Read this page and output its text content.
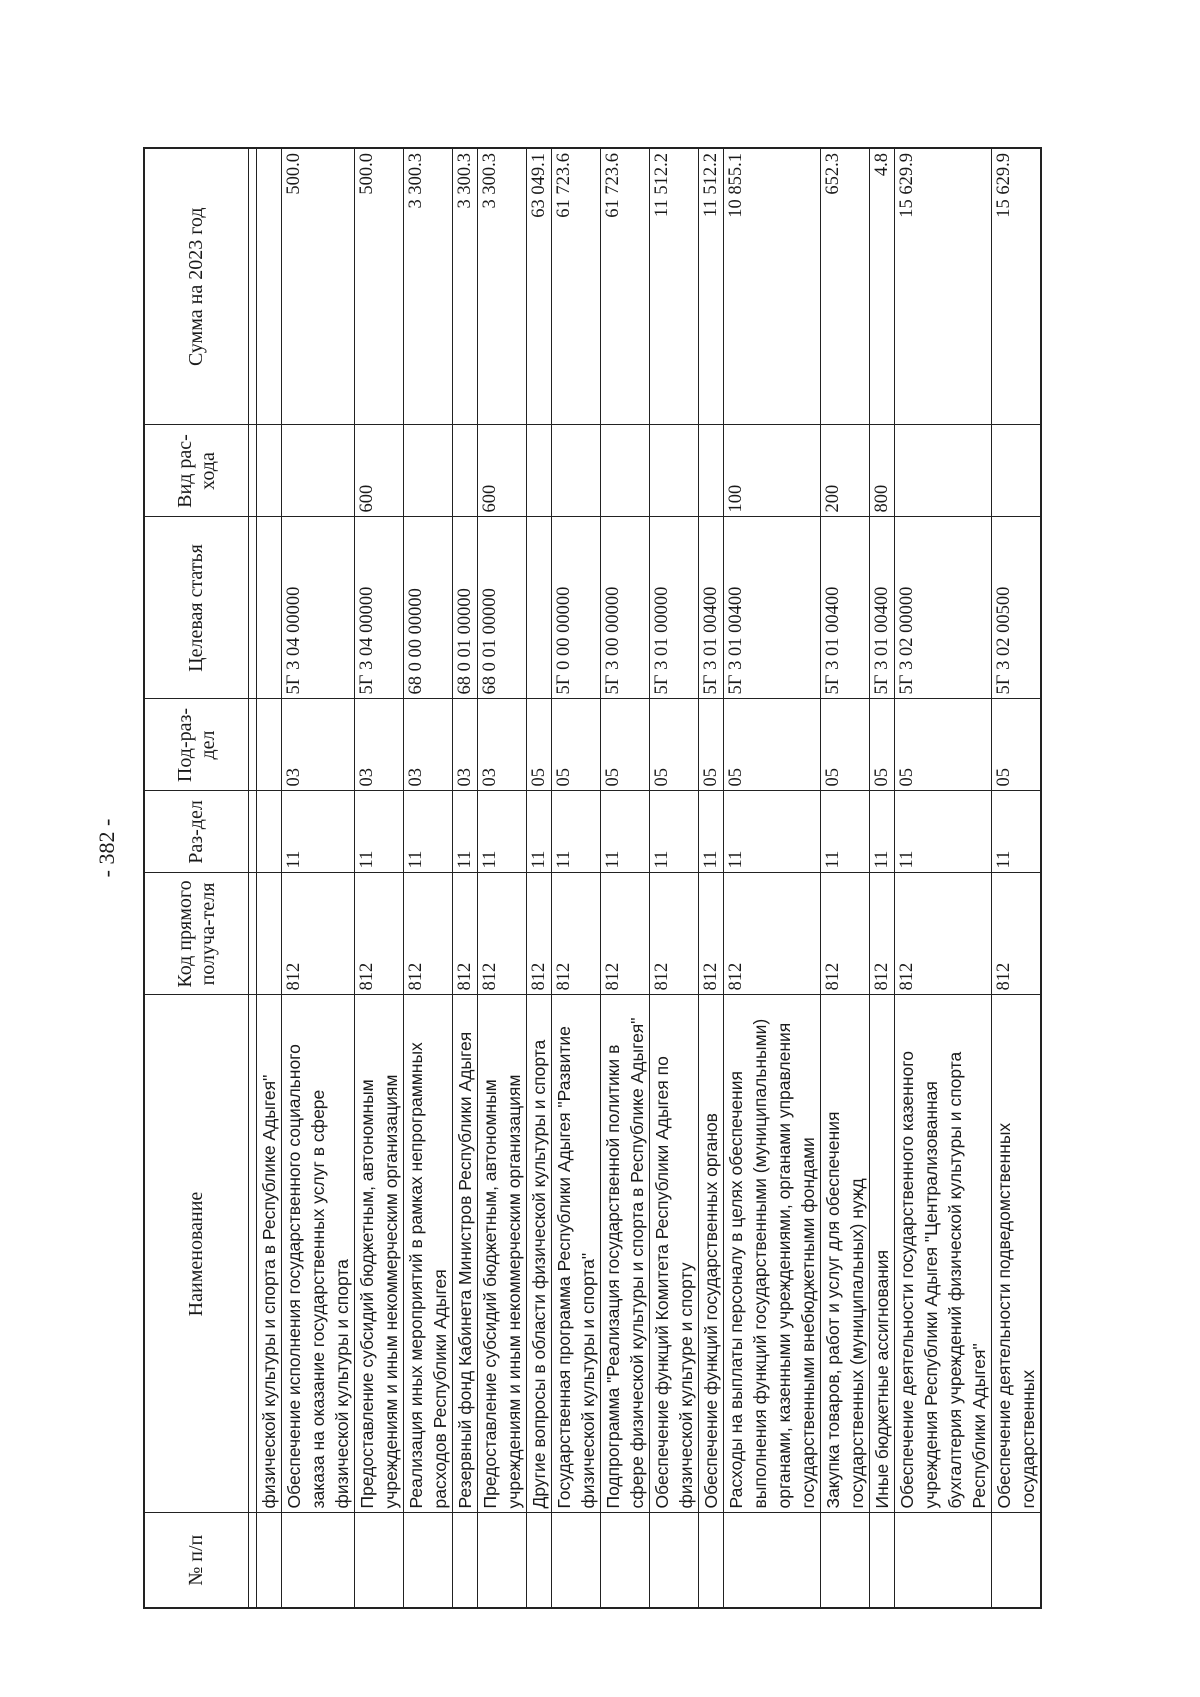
- 382 -
№ п/п	Наименование	Код прямого получа-теля	Раз-дел	Под-раз-дел	Целевая статья	Вид рас-хода	Сумма на 2023 год

	физической культуры и спорта в Республике Адыгея"						
	Обеспечение исполнения государственного социального заказа на оказание государственных услуг в сфере физической культуры и спорта	812	11	03	5Г 3 04 00000		500.0
	Предоставление субсидий бюджетным, автономным учреждениям и иным некоммерческим организациям	812	11	03	5Г 3 04 00000	600	500.0
	Реализация иных мероприятий в рамках непрограммных расходов Республики Адыгея	812	11	03	68 0 00 00000		3 300.3
	Резервный фонд Кабинета Министров Республики Адыгея	812	11	03	68 0 01 00000		3 300.3
	Предоставление субсидий бюджетным, автономным учреждениям и иным некоммерческим организациям	812	11	03	68 0 01 00000	600	3 300.3
	Другие вопросы в области физической культуры и спорта	812	11	05			63 049.1
	Государственная программа Республики Адыгея "Развитие физической культуры и спорта"	812	11	05	5Г 0 00 00000		61 723.6
	Подпрограмма "Реализация государственной политики в сфере физической культуры и спорта в Республике Адыгея"	812	11	05	5Г 3 00 00000		61 723.6
	Обеспечение функций Комитета Республики Адыгея по физической культуре и спорту	812	11	05	5Г 3 01 00000		11 512.2
	Обеспечение функций государственных органов	812	11	05	5Г 3 01 00400		11 512.2
	Расходы на выплаты персоналу в целях обеспечения выполнения функций государственными (муниципальными) органами, казенными учреждениями, органами управления государственными внебюджетными фондами	812	11	05	5Г 3 01 00400	100	10 855.1
	Закупка товаров, работ и услуг для обеспечения государственных (муниципальных) нужд	812	11	05	5Г 3 01 00400	200	652.3
	Иные бюджетные ассигнования	812	11	05	5Г 3 01 00400	800	4.8
	Обеспечение деятельности государственного казенного учреждения Республики Адыгея "Централизованная бухгалтерия учреждений физической культуры и спорта Республики Адыгея"	812	11	05	5Г 3 02 00000		15 629.9
	Обеспечение деятельности подведомственных государственных	812	11	05	5Г 3 02 00500		15 629.9
